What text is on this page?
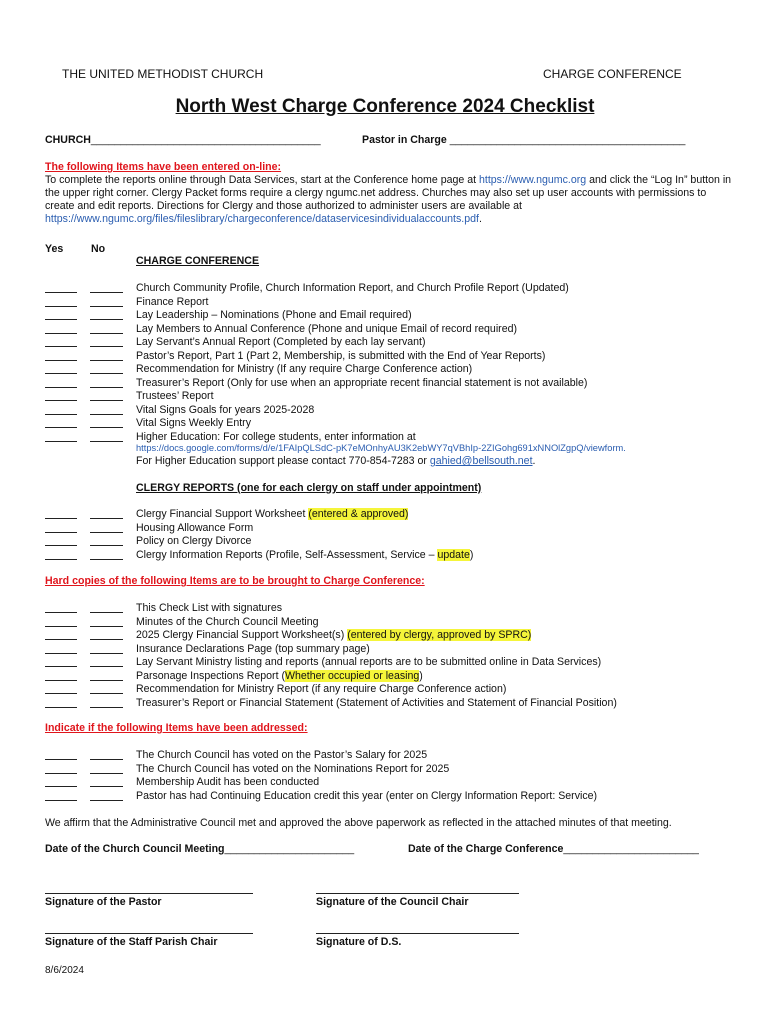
THE UNITED METHODIST CHURCH	CHARGE CONFERENCE
North West Charge Conference 2024 Checklist
CHURCH_______________________________________	Pastor in Charge ________________________________________
The following Items have been entered on-line:
To complete the reports online through Data Services, start at the Conference home page at https://www.ngumc.org and click the “Log In” button in the upper right corner. Clergy Packet forms require a clergy ngumc.net address. Churches may also set up user accounts with permissions to create and edit reports. Directions for Clergy and those authorized to administer users are available at https://www.ngumc.org/files/fileslibrary/chargeconference/dataservicesindividualaccounts.pdf.
Yes	No
CHARGE CONFERENCE
Church Community Profile, Church Information Report, and Church Profile Report (Updated)
Finance Report
Lay Leadership – Nominations (Phone and Email required)
Lay Members to Annual Conference (Phone and unique Email of record required)
Lay Servant’s Annual Report (Completed by each lay servant)
Pastor’s Report, Part 1 (Part 2, Membership, is submitted with the End of Year Reports)
Recommendation for Ministry (If any require Charge Conference action)
Treasurer’s Report (Only for use when an appropriate recent financial statement is not available)
Trustees’ Report
Vital Signs Goals for years 2025-2028
Vital Signs Weekly Entry
Higher Education: For college students, enter information at
https://docs.google.com/forms/d/e/1FAIpQLSdC-pK7eMOnhyAU3K2ebWY7qVBhIp-2ZIGohg691xNNOlZgpQ/viewform.
For Higher Education support please contact 770-854-7283 or gahied@bellsouth.net.
CLERGY REPORTS (one for each clergy on staff under appointment)
Clergy Financial Support Worksheet (entered & approved)
Housing Allowance Form
Policy on Clergy Divorce
Clergy Information Reports (Profile, Self-Assessment, Service – update)
Hard copies of the following Items are to be brought to Charge Conference:
This Check List with signatures
Minutes of the Church Council Meeting
2025 Clergy Financial Support Worksheet(s) (entered by clergy, approved by SPRC)
Insurance Declarations Page (top summary page)
Lay Servant Ministry listing and reports (annual reports are to be submitted online in Data Services)
Parsonage Inspections Report (Whether occupied or leasing)
Recommendation for Ministry Report (if any require Charge Conference action)
Treasurer’s Report or Financial Statement (Statement of Activities and Statement of Financial Position)
Indicate if the following Items have been addressed:
The Church Council has voted on the Pastor’s Salary for 2025
The Church Council has voted on the Nominations Report for 2025
Membership Audit has been conducted
Pastor has had Continuing Education credit this year (enter on Clergy Information Report: Service)
We affirm that the Administrative Council met and approved the above paperwork as reflected in the attached minutes of that meeting.
Date of the Church Council Meeting______________________	Date of the Charge Conference_______________________
Signature of the Pastor	Signature of the Council Chair
Signature of the Staff Parish Chair	Signature of D.S.
8/6/2024
